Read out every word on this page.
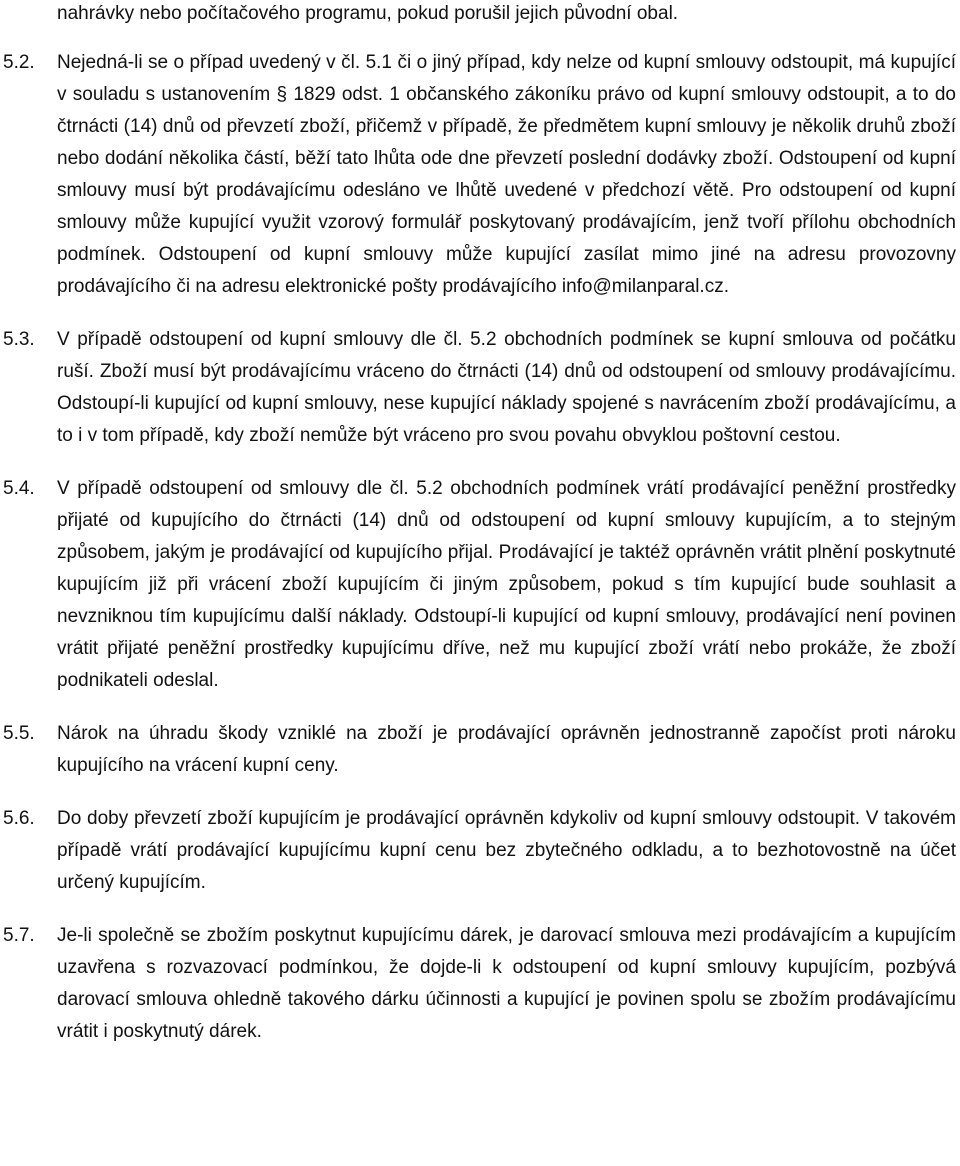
nahrávky nebo počítačového programu, pokud porušil jejich původní obal.

5.2.	Nejedná-li se o případ uvedený v čl. 5.1 či o jiný případ, kdy nelze od kupní smlouvy odstoupit, má kupující v souladu s ustanovením § 1829 odst. 1 občanského zákoníku právo od kupní smlouvy odstoupit, a to do čtrnácti (14) dnů od převzetí zboží, přičemž v případě, že předmětem kupní smlouvy je několik druhů zboží nebo dodání několika částí, běží tato lhůta ode dne převzetí poslední dodávky zboží. Odstoupení od kupní smlouvy musí být prodávajícímu odesláno ve lhůtě uvedené v předchozí větě. Pro odstoupení od kupní smlouvy může kupující využit vzorový formulář poskytovaný prodávajícím, jenž tvoří přílohu obchodních podmínek. Odstoupení od kupní smlouvy může kupující zasílat mimo jiné na adresu provozovny prodávajícího či na adresu elektronické pošty prodávajícího info@milanparal.cz.

5.3.	V případě odstoupení od kupní smlouvy dle čl. 5.2 obchodních podmínek se kupní smlouva od počátku ruší. Zboží musí být prodávajícímu vráceno do čtrnácti (14) dnů od odstoupení od smlouvy prodávajícímu. Odstoupí-li kupující od kupní smlouvy, nese kupující náklady spojené s navrácením zboží prodávajícímu, a to i v tom případě, kdy zboží nemůže být vráceno pro svou povahu obvyklou poštovní cestou.

5.4.	V případě odstoupení od smlouvy dle čl. 5.2 obchodních podmínek vrátí prodávající peněžní prostředky přijaté od kupujícího do čtrnácti (14) dnů od odstoupení od kupní smlouvy kupujícím, a to stejným způsobem, jakým je prodávající od kupujícího přijal. Prodávající je taktéž oprávněn vrátit plnění poskytnuté kupujícím již při vrácení zboží kupujícím či jiným způsobem, pokud s tím kupující bude souhlasit a nevzniknou tím kupujícímu další náklady. Odstoupí-li kupující od kupní smlouvy, prodávající není povinen vrátit přijaté peněžní prostředky kupujícímu dříve, než mu kupující zboží vrátí nebo prokáže, že zboží podnikateli odeslal.

5.5.	Nárok na úhradu škody vzniklé na zboží je prodávající oprávněn jednostranně započíst proti nároku kupujícího na vrácení kupní ceny.

5.6.	Do doby převzetí zboží kupujícím je prodávající oprávněn kdykoliv od kupní smlouvy odstoupit. V takovém případě vrátí prodávající kupujícímu kupní cenu bez zbytečného odkladu, a to bezhotovostně na účet určený kupujícím.

5.7.	Je-li společně se zbožím poskytnut kupujícímu dárek, je darovací smlouva mezi prodávajícím a kupujícím uzavřena s rozvazovací podmínkou, že dojde-li k odstoupení od kupní smlouvy kupujícím, pozbývá darovací smlouva ohledně takového dárku účinnosti a kupující je povinen spolu se zbožím prodávajícímu vrátit i poskytnutý dárek.
